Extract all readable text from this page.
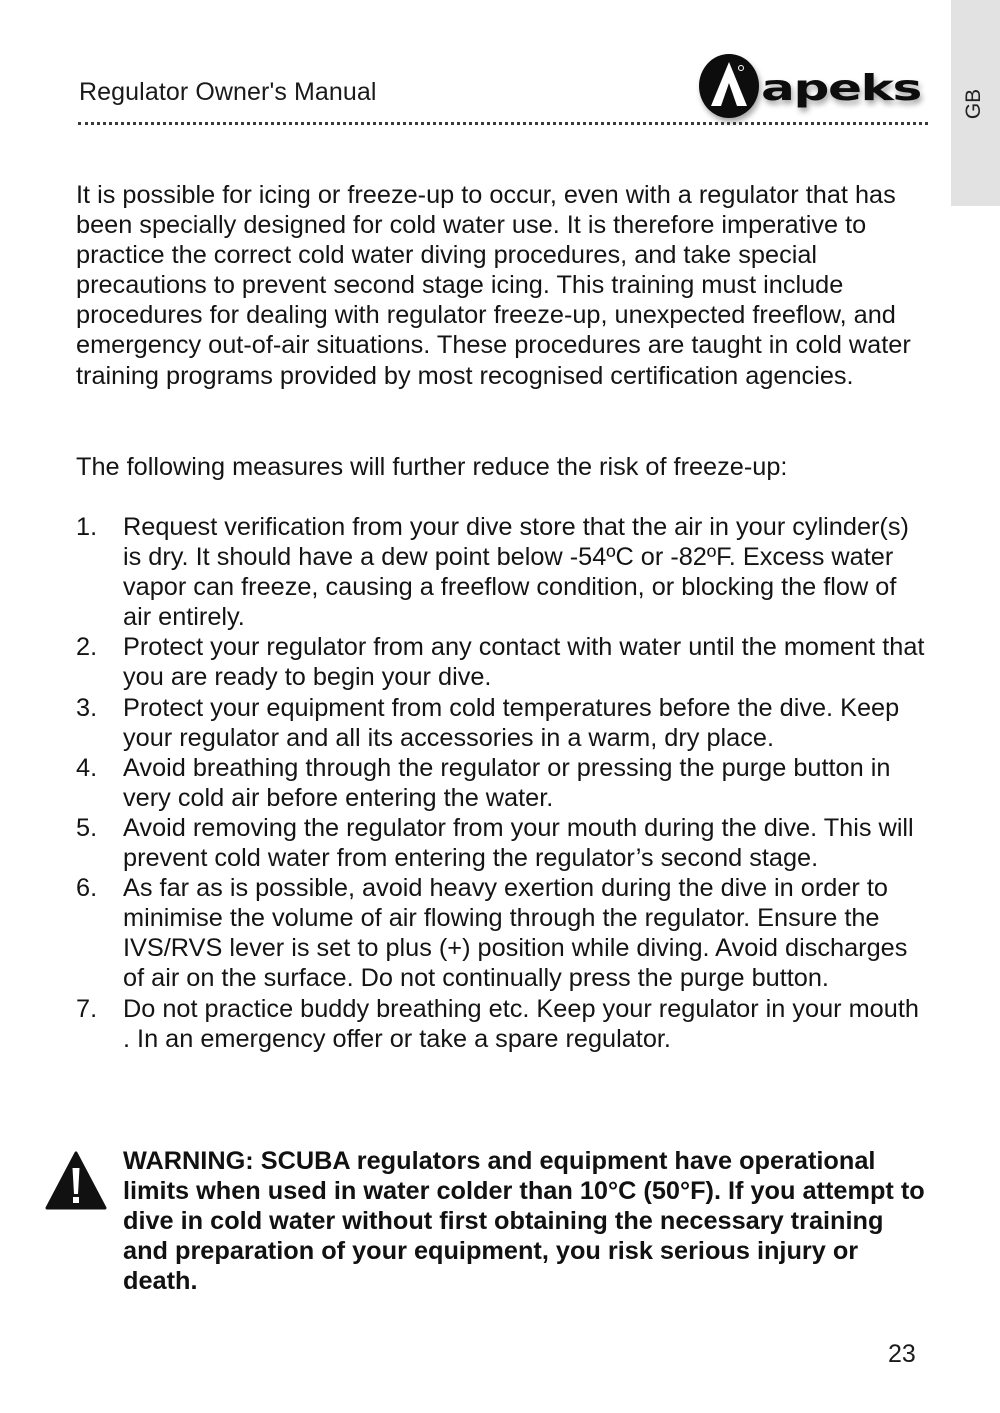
GB
Regulator Owner's Manual	apeks
It is possible for icing or freeze-up to occur, even with a regulator that has been specially designed for cold water use. It is therefore imperative to practice the correct cold water diving procedures, and take special precautions to prevent second stage icing. This training must include procedures for dealing with regulator freeze-up, unexpected freeflow, and emergency out-of-air situations. These procedures are taught in cold water training programs provided by most recognised certification agencies.
The following measures will further reduce the risk of freeze-up:
1.	Request verification from your dive store that the air in your cylinder(s) is dry. It should have a dew point below -54ºC or -82ºF. Excess water vapor can freeze, causing a freeflow condition, or blocking the flow of air entirely.
2.	Protect your regulator from any contact with water until the moment that you are ready to begin your dive.
3.	Protect your equipment from cold temperatures before the dive. Keep your regulator and all its accessories in a warm, dry place.
4.	Avoid breathing through the regulator or pressing the purge button in very cold air before entering the water.
5.	Avoid removing the regulator from your mouth during the dive. This will prevent cold water from entering the regulator’s second stage.
6.	As far as is possible, avoid heavy exertion during the dive in order to minimise the volume of air flowing through the regulator. Ensure the IVS/RVS lever is set to plus (+) position while diving. Avoid discharges of air on the surface. Do not continually press the purge button.
7.	Do not practice buddy breathing etc. Keep your regulator in your mouth . In an emergency offer or take a spare regulator.
WARNING: SCUBA regulators and equipment have operational limits when used in water colder than 10°C (50°F). If you attempt to dive in cold water without first obtaining the necessary training and preparation of your equipment, you risk serious injury or death.
23
